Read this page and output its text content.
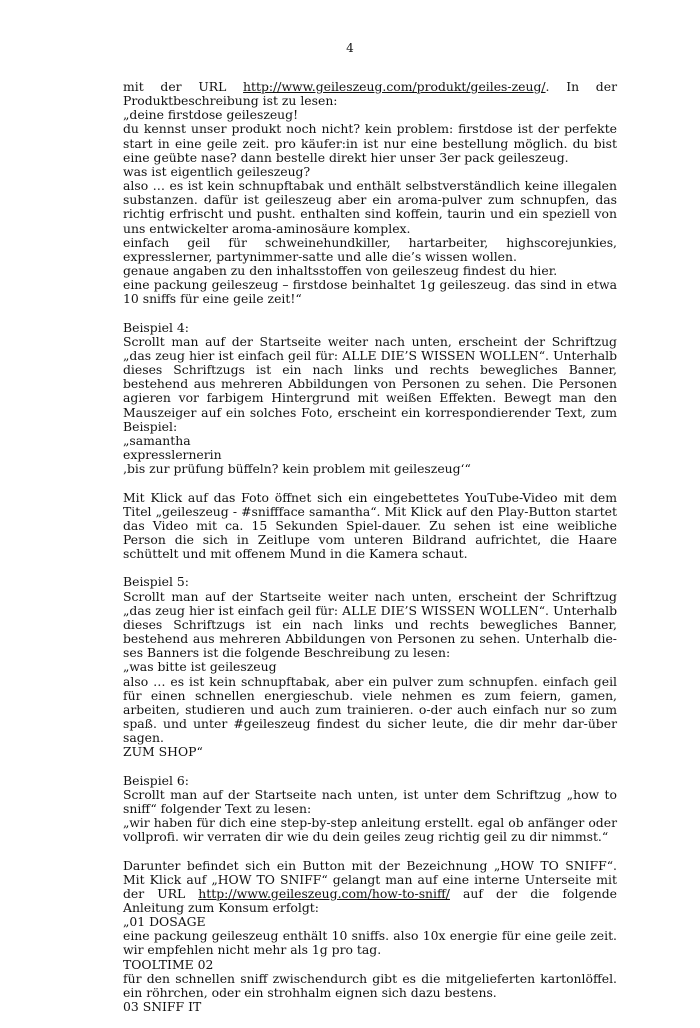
4
mit der URL http://www.geileszeug.com/produkt/geiles-zeug/. In der Produktbeschreibung ist zu lesen:
„deine firstdose geileszeug!
du kennst unser produkt noch nicht? kein problem: firstdose ist der perfekte start in eine geile zeit. pro käufer:in ist nur eine bestellung möglich. du bist eine geübte nase? dann bestelle direkt hier unser 3er pack geileszeug.
was ist eigentlich geileszeug?
also … es ist kein schnupftabak und enthält selbstverständlich keine illegalen substanzen. dafür ist geileszeug aber ein aroma-pulver zum schnupfen, das richtig erfrischt und pusht. enthalten sind koffein, taurin und ein speziell von uns entwickelter aroma-aminosäure komplex.
einfach geil für schweinehundkiller, hartarbeiter, highscorejunkies, expresslerner, partynimmer-satte und alle die’s wissen wollen.
genaue angaben zu den inhaltsstoffen von geileszeug findest du hier.
eine packung geileszeug – firstdose beinhaltet 1g geileszeug. das sind in etwa 10 sniffs für eine geile zeit!“
Beispiel 4:
Scrollt man auf der Startseite weiter nach unten, erscheint der Schriftzug „das zeug hier ist einfach geil für: ALLE DIE’S WISSEN WOLLEN“. Unterhalb dieses Schriftzugs ist ein nach links und rechts bewegliches Banner, bestehend aus mehreren Abbildungen von Personen zu sehen. Die Personen agieren vor farbigem Hintergrund mit weißen Effekten. Bewegt man den Mauszeiger auf ein solches Foto, erscheint ein korrespondierender Text, zum Beispiel:
„samantha
expresslernerin
‚bis zur prüfung büffeln? kein problem mit geileszeug‘“
Mit Klick auf das Foto öffnet sich ein eingebettetes YouTube-Video mit dem Titel „geileszeug - #sniffface samantha“. Mit Klick auf den Play-Button startet das Video mit ca. 15 Sekunden Spiel-dauer. Zu sehen ist eine weibliche Person die sich in Zeitlupe vom unteren Bildrand aufrichtet, die Haare schüttelt und mit offenem Mund in die Kamera schaut.
Beispiel 5:
Scrollt man auf der Startseite weiter nach unten, erscheint der Schriftzug „das zeug hier ist einfach geil für: ALLE DIE’S WISSEN WOLLEN“. Unterhalb dieses Schriftzugs ist ein nach links und rechts bewegliches Banner, bestehend aus mehreren Abbildungen von Personen zu sehen. Unterhalb die-ses Banners ist die folgende Beschreibung zu lesen:
„was bitte ist geileszeug
also … es ist kein schnupftabak, aber ein pulver zum schnupfen. einfach geil für einen schnellen energieschub. viele nehmen es zum feiern, gamen, arbeiten, studieren und auch zum trainieren. o-der auch einfach nur so zum spaß. und unter #geileszeug findest du sicher leute, die dir mehr dar-über sagen.
ZUM SHOP“
Beispiel 6:
Scrollt man auf der Startseite nach unten, ist unter dem Schriftzug „how to sniff“ folgender Text zu lesen:
„wir haben für dich eine step-by-step anleitung erstellt. egal ob anfänger oder vollprofi. wir verraten dir wie du dein geiles zeug richtig geil zu dir nimmst.“
Darunter befindet sich ein Button mit der Bezeichnung „HOW TO SNIFF“. Mit Klick auf „HOW TO SNIFF“ gelangt man auf eine interne Unterseite mit der URL http://www.geileszeug.com/how-to-sniff/ auf der die folgende Anleitung zum Konsum erfolgt:
„01 DOSAGE
eine packung geileszeug enthält 10 sniffs. also 10x energie für eine geile zeit. wir empfehlen nicht mehr als 1g pro tag.
TOOLTIME 02
für den schnellen sniff zwischendurch gibt es die mitgelieferten kartonlöffel. ein röhrchen, oder ein strohhalm eignen sich dazu bestens.
03 SNIFF IT
